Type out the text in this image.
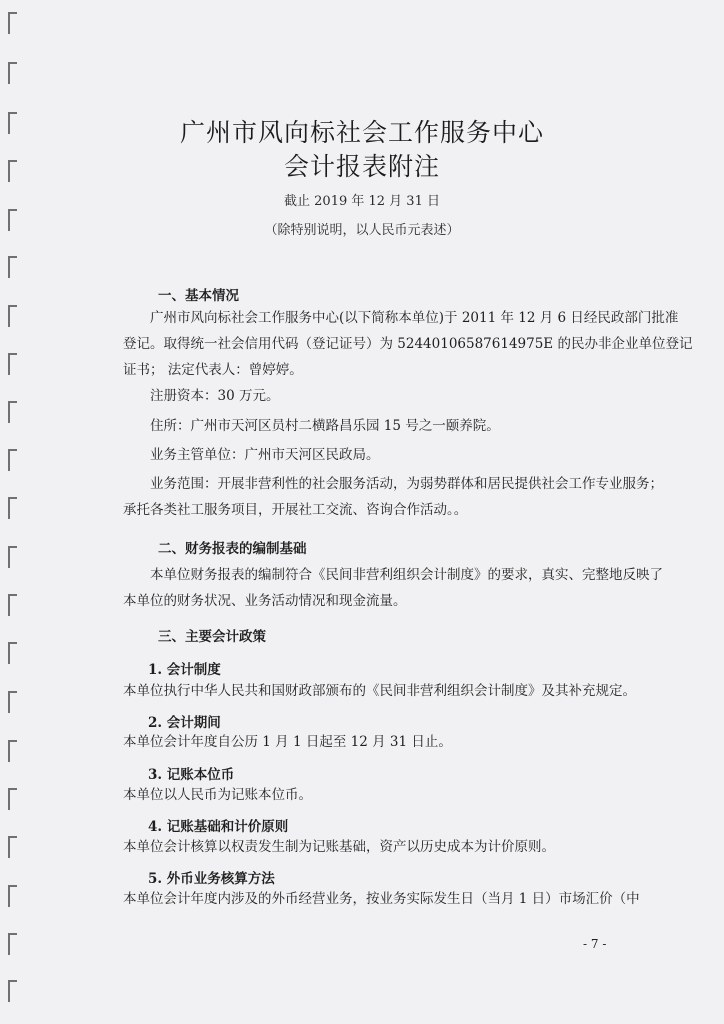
广州市风向标社会工作服务中心
会计报表附注
截止 2019 年 12 月 31 日
（除特别说明，以人民币元表述）
一、基本情况
广州市风向标社会工作服务中心(以下简称本单位)于 2011 年 12 月 6 日经民政部门批准
登记。取得统一社会信用代码（登记证号）为 52440106587614975E 的民办非企业单位登记
证书； 法定代表人：曾婷婷。
注册资本：30 万元。
住所：广州市天河区员村二横路昌乐园 15 号之一颐养院。
业务主管单位：广州市天河区民政局。
业务范围：开展非营利性的社会服务活动，为弱势群体和居民提供社会工作专业服务；
承托各类社工服务项目，开展社工交流、咨询合作活动。。
二、财务报表的编制基础
本单位财务报表的编制符合《民间非营利组织会计制度》的要求，真实、完整地反映了
本单位的财务状况、业务活动情况和现金流量。
三、主要会计政策
1. 会计制度
本单位执行中华人民共和国财政部颁布的《民间非营利组织会计制度》及其补充规定。
2. 会计期间
本单位会计年度自公历 1 月 1 日起至 12 月 31 日止。
3. 记账本位币
本单位以人民币为记账本位币。
4. 记账基础和计价原则
本单位会计核算以权责发生制为记账基础，资产以历史成本为计价原则。
5. 外币业务核算方法
本单位会计年度内涉及的外币经营业务，按业务实际发生日（当月 1 日）市场汇价（中
- 7 -
